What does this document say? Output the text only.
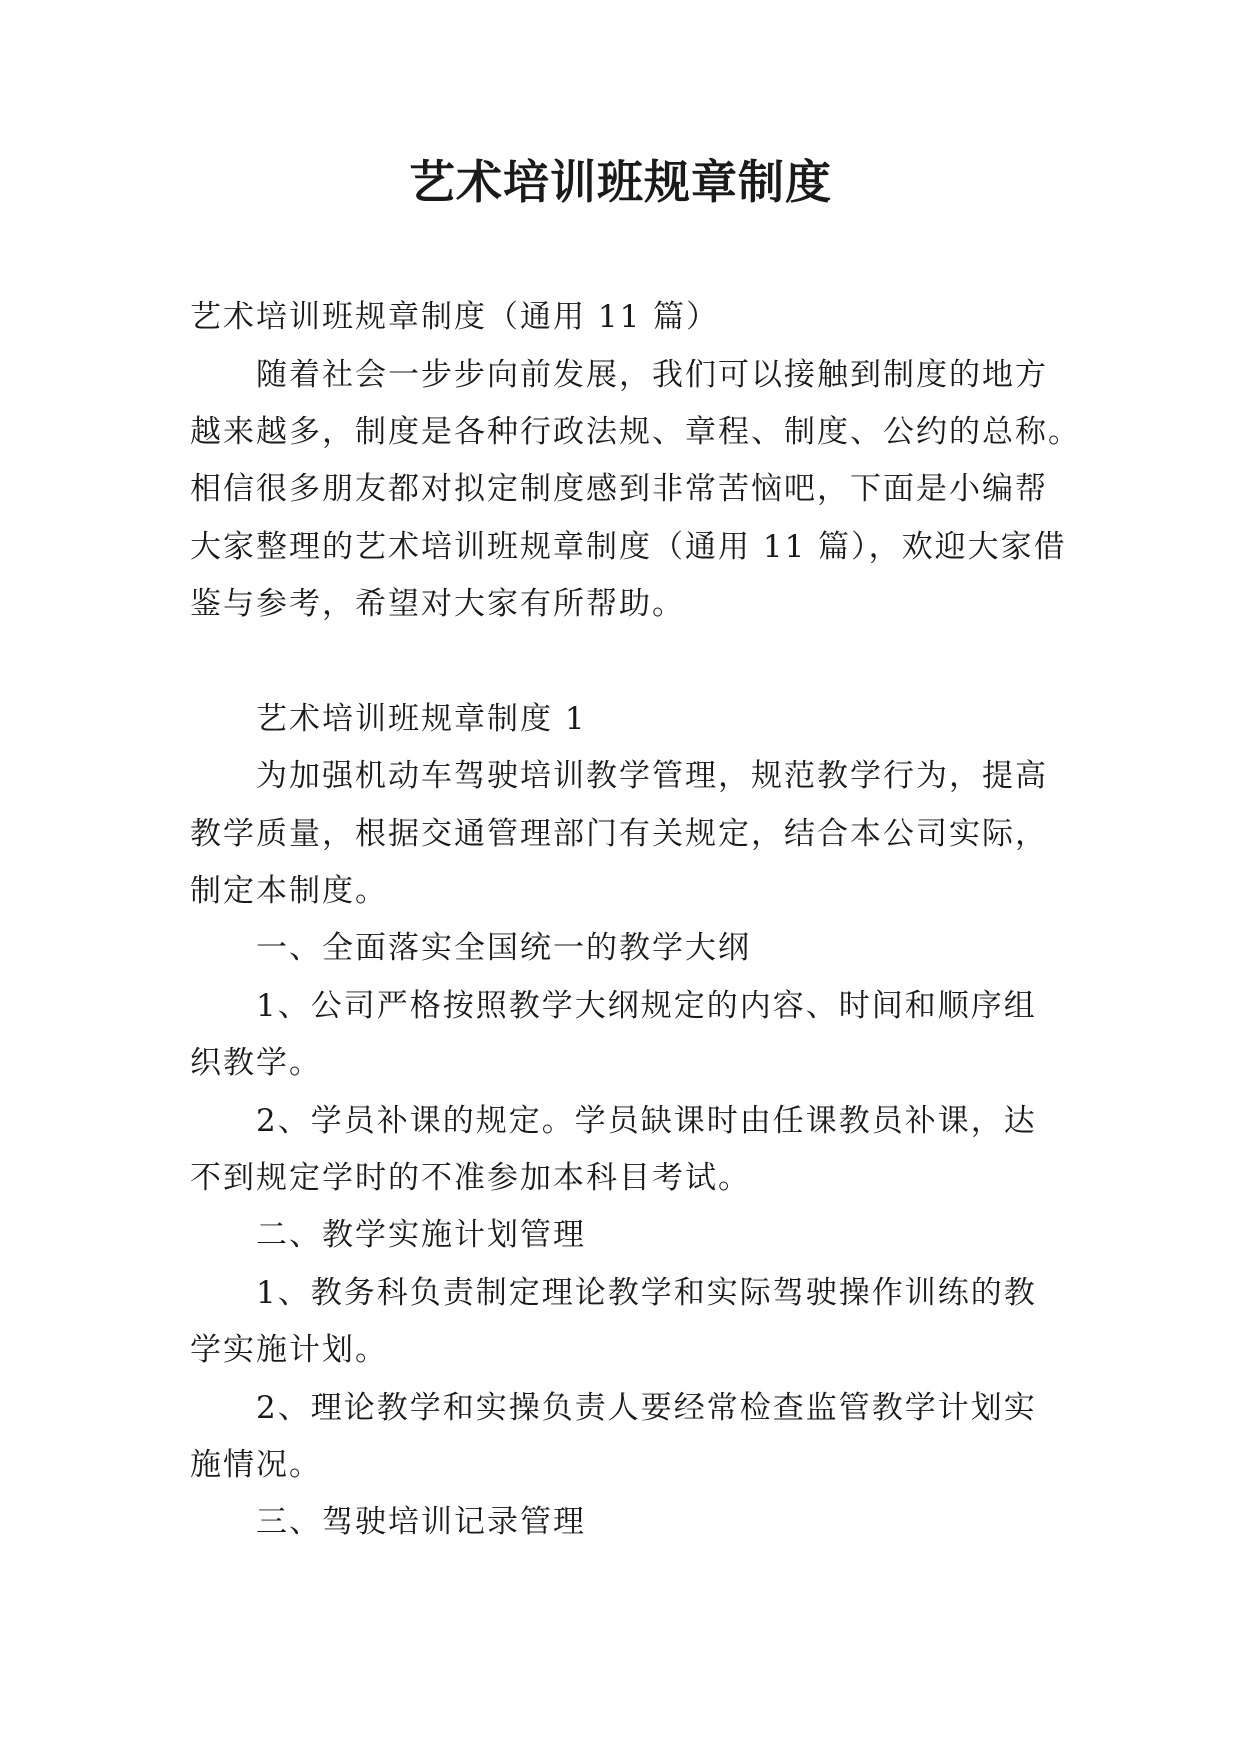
艺术培训班规章制度
艺术培训班规章制度（通用 11 篇）
随着社会一步步向前发展，我们可以接触到制度的地方
越来越多，制度是各种行政法规、章程、制度、公约的总称。
相信很多朋友都对拟定制度感到非常苦恼吧，下面是小编帮
大家整理的艺术培训班规章制度（通用 11 篇），欢迎大家借
鉴与参考，希望对大家有所帮助。
艺术培训班规章制度 1
为加强机动车驾驶培训教学管理，规范教学行为，提高
教学质量，根据交通管理部门有关规定，结合本公司实际，
制定本制度。
一、全面落实全国统一的教学大纲
1、公司严格按照教学大纲规定的内容、时间和顺序组
织教学。
2、学员补课的规定。学员缺课时由任课教员补课，达
不到规定学时的不准参加本科目考试。
二、教学实施计划管理
1、教务科负责制定理论教学和实际驾驶操作训练的教
学实施计划。
2、理论教学和实操负责人要经常检查监管教学计划实
施情况。
三、驾驶培训记录管理
